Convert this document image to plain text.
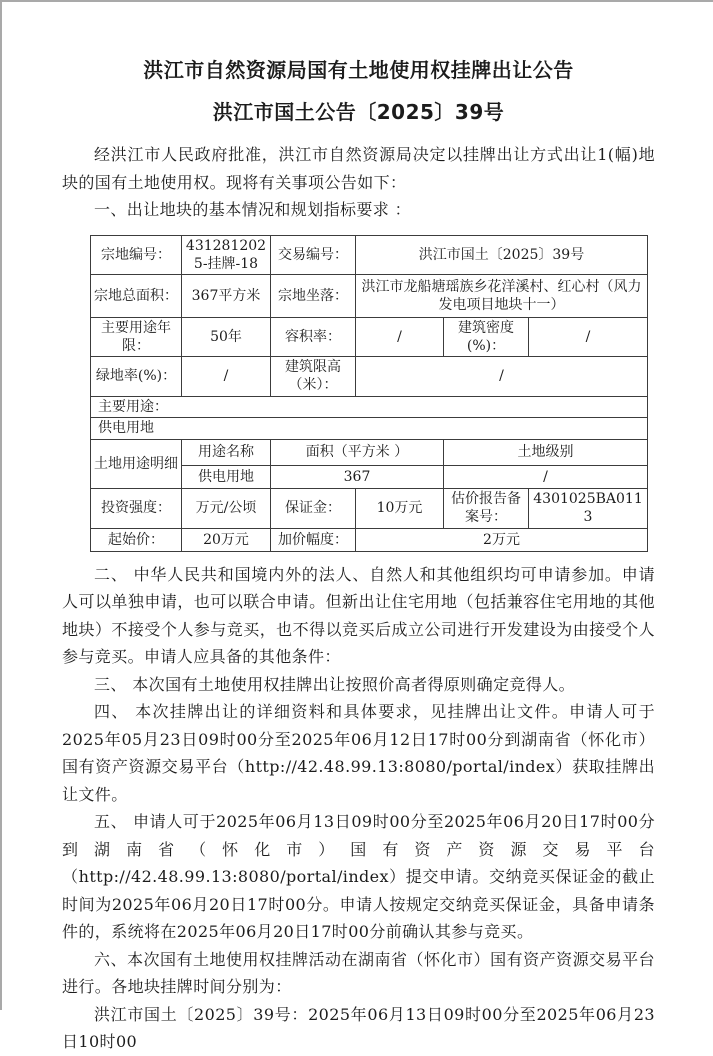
洪江市自然资源局国有土地使用权挂牌出让公告
洪江市国土公告〔2025〕39号

经洪江市人民政府批准，洪江市自然资源局决定以挂牌出让方式出让1(幅)地块的国有土地使用权。现将有关事项公告如下：

一、出让地块的基本情况和规划指标要求 ：

宗地编号：	4312812025-挂牌-18	交易编号：	洪江市国土〔2025〕39号		
宗地总面积：	367平方米	宗地坐落：	洪江市龙船塘瑶族乡花洋溪村、红心村（风力发电项目地块十一）		
主要用途年限：	50年	容积率：	/	建筑密度(%)：	/
绿地率(%)：	/	建筑限高（米）：	/		
主要用途：					
供电用地					
土地用途明细	用途名称	面积（平方米 ）		土地级别	
	供电用地	367		/	
投资强度：	万元/公顷	保证金：	10万元	估价报告备案号：	4301025BA0113
起始价：	20万元	加价幅度：	2万元		

二、 中华人民共和国境内外的法人、自然人和其他组织均可申请参加。申请人可以单独申请，也可以联合申请。但新出让住宅用地（包括兼容住宅用地的其他地块）不接受个人参与竞买，也不得以竞买后成立公司进行开发建设为由接受个人参与竞买。申请人应具备的其他条件：

三、 本次国有土地使用权挂牌出让按照价高者得原则确定竞得人。

四、 本次挂牌出让的详细资料和具体要求，见挂牌出让文件。申请人可于2025年05月23日09时00分至2025年06月12日17时00分到湖南省（怀化市）国有资产资源交易平台（http://42.48.99.13:8080/portal/index）获取挂牌出让文件。

五、 申请人可于2025年06月13日09时00分至2025年06月20日17时00分到湖南省（怀化市）国有资产资源交易平台（http://42.48.99.13:8080/portal/index）提交申请。交纳竞买保证金的截止时间为2025年06月20日17时00分。申请人按规定交纳竞买保证金，具备申请条件的，系统将在2025年06月20日17时00分前确认其参与竞买。

六、本次国有土地使用权挂牌活动在湖南省（怀化市）国有资产资源交易平台进行。各地块挂牌时间分别为：

洪江市国土〔2025〕39号：2025年06月13日09时00分至2025年06月23日10时00
